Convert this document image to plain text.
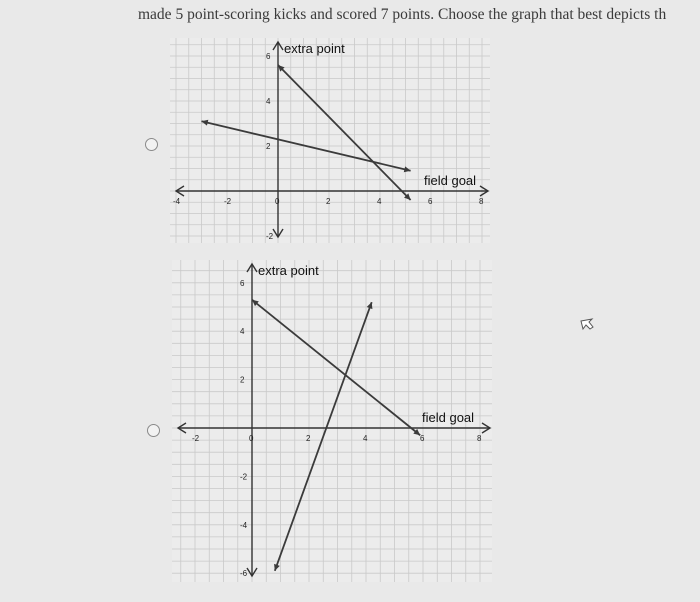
made 5 point-scoring kicks and scored 7 points. Choose the graph that best depicts th
-4	-2	0	2	4	6	8
6
4
2
-2
extra point
field goal
-2	0	2	4	6	8
6
4
2
-2
-4
-6
extra point
field goal
